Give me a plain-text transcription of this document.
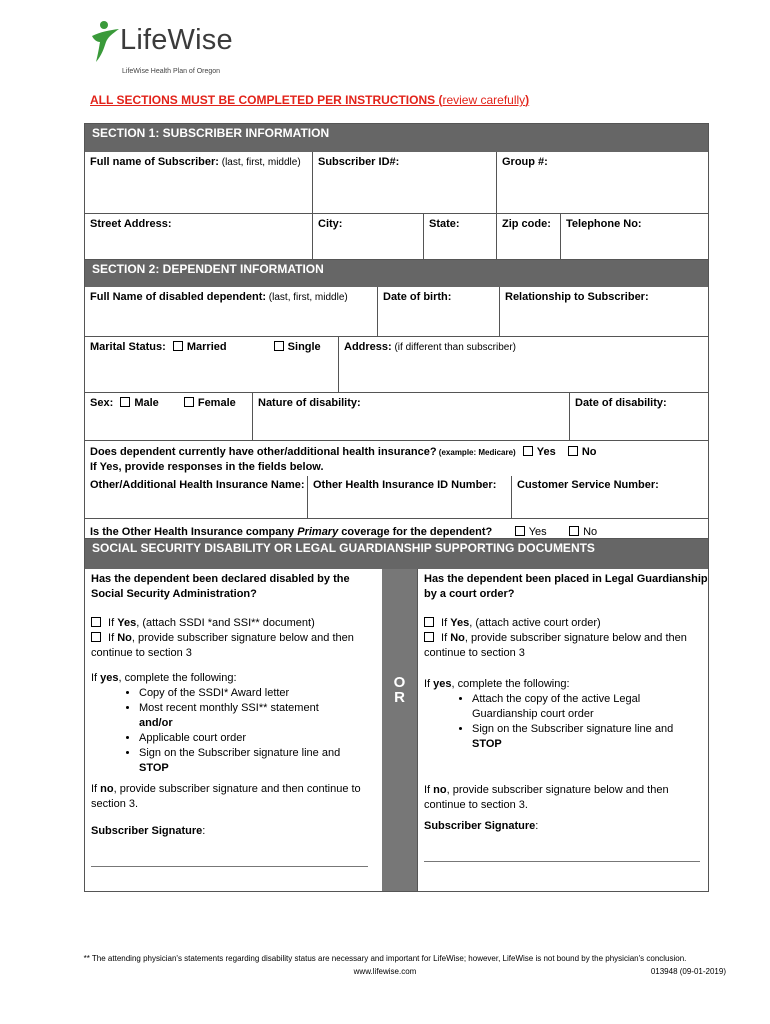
LifeWise
LifeWise Health Plan of Oregon
ALL SECTIONS MUST BE COMPLETED PER INSTRUCTIONS (review carefully)
SECTION 1: SUBSCRIBER INFORMATION
Full name of Subscriber: (last, first, middle)	Subscriber ID#:	Group #:
Street Address:	City:	State:	Zip code:	Telephone No:
SECTION 2: DEPENDENT INFORMATION
Full Name of disabled dependent: (last, first, middle)	Date of birth:	Relationship to Subscriber:
Marital Status: Married	Single	Address: (if different than subscriber)
Sex: Male	Female	Nature of disability:	Date of disability:
Does dependent currently have other/additional health insurance? (example: Medicare) Yes No
If Yes, provide responses in the fields below.
Other/Additional Health Insurance Name: Other Health Insurance ID Number:	Customer Service Number:
Is the Other Health Insurance company Primary coverage for the dependent?	Yes	No
SOCIAL SECURITY DISABILITY OR LEGAL GUARDIANSHIP SUPPORTING DOCUMENTS
Has the dependent been declared disabled by the Social Security Administration?
If Yes, (attach SSDI *and SSI** document)
If No, provide subscriber signature below and then continue to section 3
If yes, complete the following:
• Copy of the SSDI* Award letter
• Most recent monthly SSI** statement
and/or
• Applicable court order
• Sign on the Subscriber signature line and
STOP
If no, provide subscriber signature and then continue to section 3.
Subscriber Signature:
O
R
Has the dependent been placed in Legal Guardianship by a court order?
If Yes, (attach active court order)
If No, provide subscriber signature below and then continue to section 3
If yes, complete the following:
• Attach the copy of the active Legal Guardianship court order
• Sign on the Subscriber signature line and
STOP
If no, provide subscriber signature below and then continue to section 3.
Subscriber Signature:
** The attending physician's statements regarding disability status are necessary and important for LifeWise; however, LifeWise is not bound by the physician's conclusion.
www.lifewise.com	013948 (09-01-2019)
